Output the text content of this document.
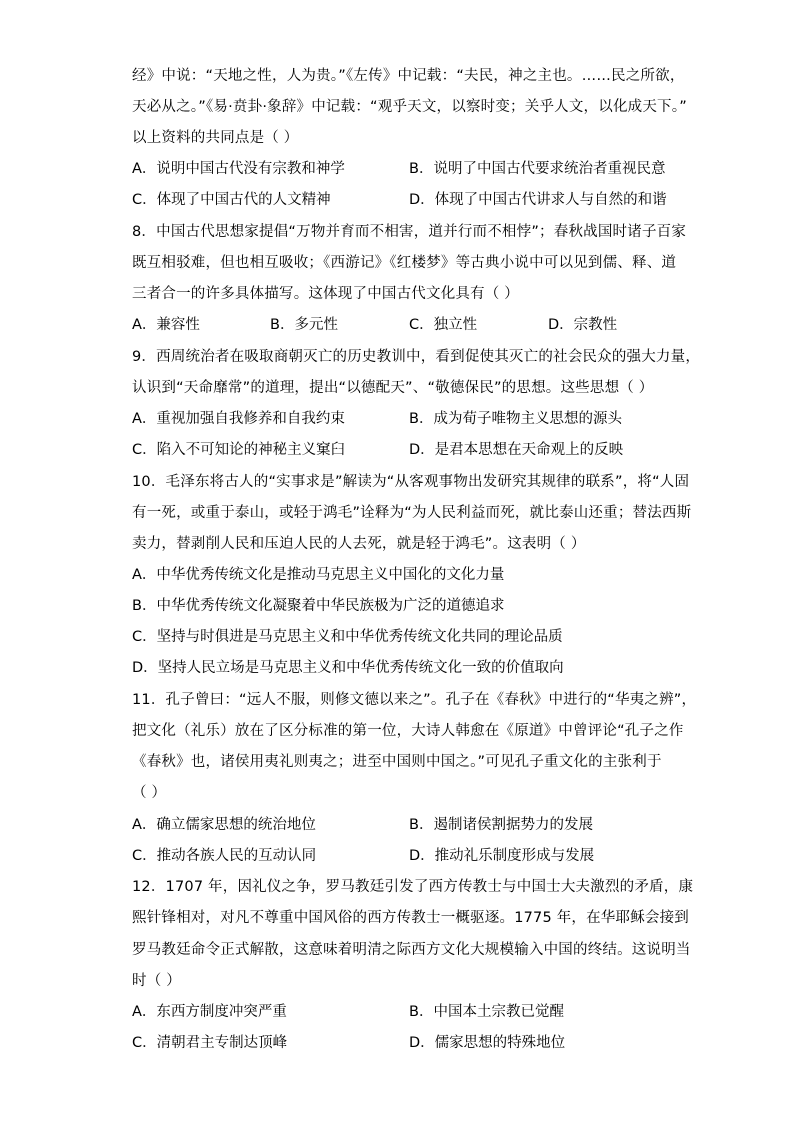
经》中说：“天地之性，人为贵。”《左传》中记载：“夫民，神之主也。……民之所欲，
天必从之。”《易·贲卦·象辞》中记载：“观乎天文，以察时变；关乎人文，以化成天下。”
以上资料的共同点是（ ）
A．说明中国古代没有宗教和神学	B．说明了中国古代要求统治者重视民意
C．体现了中国古代的人文精神	D．体现了中国古代讲求人与自然的和谐
8．中国古代思想家提倡“万物并育而不相害，道并行而不相悖”；春秋战国时诸子百家
既互相驳难，但也相互吸收；《西游记》《红楼梦》等古典小说中可以见到儒、释、道
三者合一的许多具体描写。这体现了中国古代文化具有（ ）
A．兼容性	B．多元性	C．独立性	D．宗教性
9．西周统治者在吸取商朝灭亡的历史教训中，看到促使其灭亡的社会民众的强大力量，
认识到“天命靡常”的道理，提出“以德配天”、“敬德保民”的思想。这些思想（ ）
A．重视加强自我修养和自我约束	B．成为荀子唯物主义思想的源头
C．陷入不可知论的神秘主义窠臼	D．是君本思想在天命观上的反映
10．毛泽东将古人的“实事求是”解读为“从客观事物出发研究其规律的联系”，将“人固
有一死，或重于泰山，或轻于鸿毛”诠释为“为人民利益而死，就比泰山还重；替法西斯
卖力，替剥削人民和压迫人民的人去死，就是轻于鸿毛”。这表明（ ）
A．中华优秀传统文化是推动马克思主义中国化的文化力量
B．中华优秀传统文化凝聚着中华民族极为广泛的道德追求
C．坚持与时俱进是马克思主义和中华优秀传统文化共同的理论品质
D．坚持人民立场是马克思主义和中华优秀传统文化一致的价值取向
11．孔子曾曰：“远人不服，则修文德以来之”。孔子在《春秋》中进行的“华夷之辨”，
把文化（礼乐）放在了区分标准的第一位，大诗人韩愈在《原道》中曾评论“孔子之作
《春秋》也，诸侯用夷礼则夷之；进至中国则中国之。”可见孔子重文化的主张利于
（ ）
A．确立儒家思想的统治地位	B．遏制诸侯割据势力的发展
C．推动各族人民的互动认同	D．推动礼乐制度形成与发展
12．1707 年，因礼仪之争，罗马教廷引发了西方传教士与中国士大夫激烈的矛盾，康
熙针锋相对，对凡不尊重中国风俗的西方传教士一概驱逐。1775 年，在华耶稣会接到
罗马教廷命令正式解散，这意味着明清之际西方文化大规模输入中国的终结。这说明当
时（ ）
A．东西方制度冲突严重	B．中国本土宗教已觉醒
C．清朝君主专制达顶峰	D．儒家思想的特殊地位
